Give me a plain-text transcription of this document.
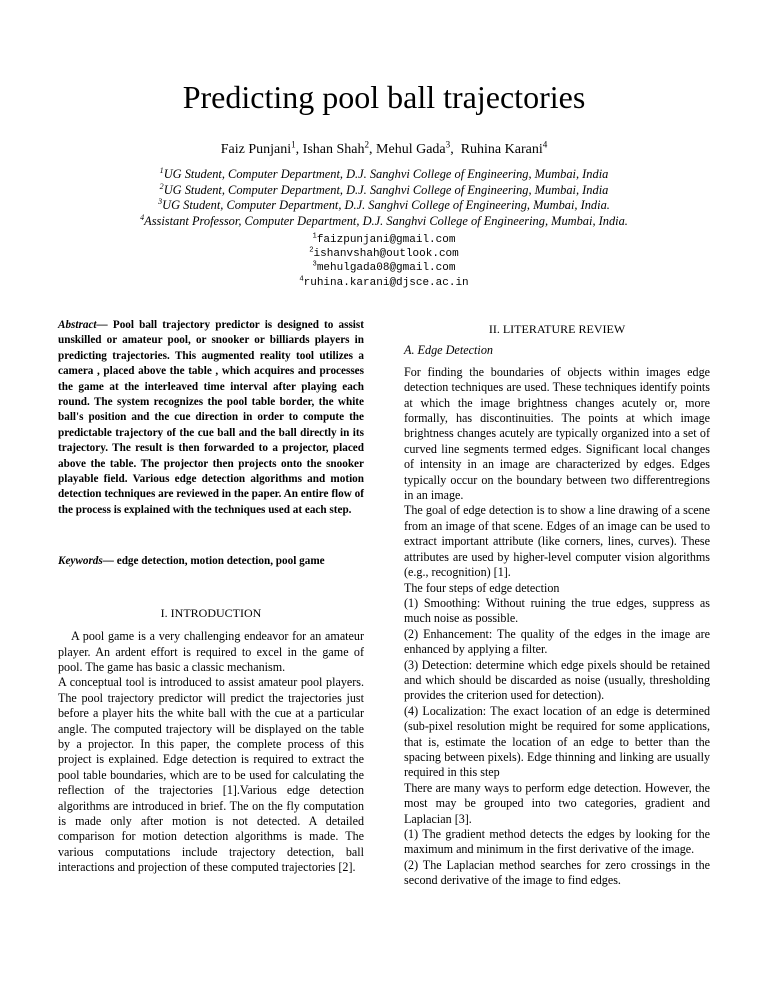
Predicting pool ball trajectories
Faiz Punjani$^1$, Ishan Shah$^2$, Mehul Gada$^3$,  Ruhina Karani$^4$
$^1$UG Student, Computer Department, D.J. Sanghvi College of Engineering, Mumbai, India
$^2$UG Student, Computer Department, D.J. Sanghvi College of Engineering, Mumbai, India
$^3$UG Student, Computer Department, D.J. Sanghvi College of Engineering, Mumbai, India.
$^4$Assistant Professor, Computer Department, D.J. Sanghvi College of Engineering, Mumbai, India.
$^1$faizpunjani@gmail.com
$^2$ishanvshah@outlook.com
$^3$mehulgada08@gmail.com
$^4$ruhina.karani@djsce.ac.in

Abstract— Pool ball trajectory predictor is designed to assist unskilled or amateur pool, or snooker or billiards players in predicting trajectories. This augmented reality tool utilizes a camera , placed above the table , which acquires and processes the game at the interleaved time interval after playing each round. The system recognizes the pool table border, the white ball's position and the cue direction in order to compute the predictable trajectory of the cue ball and the ball directly in its trajectory. The result is then forwarded to a projector, placed above the table. The projector then projects onto the snooker playable field. Various edge detection algorithms and motion detection techniques are reviewed in the paper. An entire flow of the process is explained with the techniques used at each step.

Keywords— edge detection, motion detection, pool game

I. INTRODUCTION

A pool game is a very challenging endeavor for an amateur player. An ardent effort is required to excel in the game of pool. The game has basic a classic mechanism.

A conceptual tool is introduced to assist amateur pool players. The pool trajectory predictor will predict the trajectories just before a player hits the white ball with the cue at a particular angle. The computed trajectory will be displayed on the table by a projector. In this paper, the complete process of this project is explained. Edge detection is required to extract the pool table boundaries, which are to be used for calculating the reflection of the trajectories [1].Various edge detection algorithms are introduced in brief. The on the fly computation is made only after motion is not detected. A detailed comparison for motion detection algorithms is made. The various computations include trajectory detection, ball interactions and projection of these computed trajectories [2].

II. LITERATURE REVIEW
A. Edge Detection

For finding the boundaries of objects within images edge detection techniques are used. These techniques identify points at which the image brightness changes acutely or, more formally, has discontinuities. The points at which image brightness changes acutely are typically organized into a set of curved line segments termed edges. Significant local changes of intensity in an image are characterized by edges. Edges typically occur on the boundary between two differentregions in an image.

The goal of edge detection is to show a line drawing of a scene from an image of that scene. Edges of an image can be used to extract important attribute (like corners, lines, curves). These attributes are used by higher-level computer vision algorithms (e.g., recognition) [1].

The four steps of edge detection

(1) Smoothing: Without ruining the true edges, suppress as much noise as possible.

(2) Enhancement: The quality of the edges in the image are enhanced by applying a filter.

(3) Detection: determine which edge pixels should be retained and which should be discarded as noise (usually, thresholding provides the criterion used for detection).

(4) Localization: The exact location of an edge is determined (sub-pixel resolution might be required for some applications, that is, estimate the location of an edge to better than the spacing between pixels). Edge thinning and linking are usually required in this step

There are many ways to perform edge detection. However, the most may be grouped into two categories, gradient and Laplacian [3].

(1) The gradient method detects the edges by looking for the maximum and minimum in the first derivative of the image.

(2) The Laplacian method searches for zero crossings in the second derivative of the image to find edges.
